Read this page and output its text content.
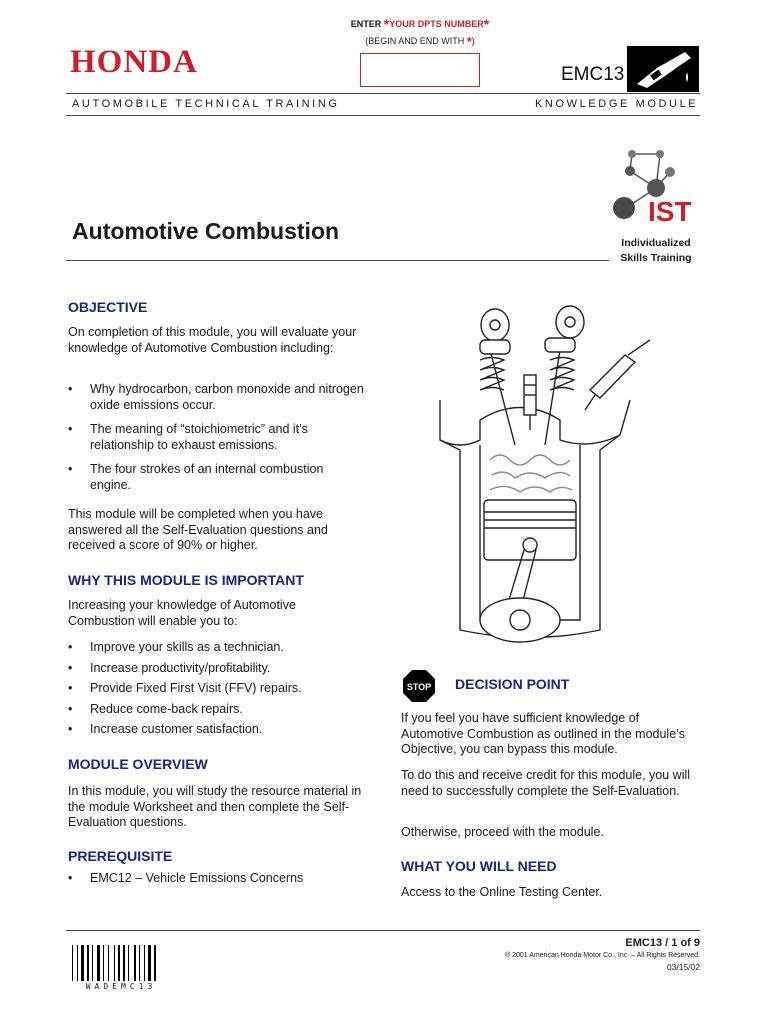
HONDA
ENTER *YOUR DPTS NUMBER*
(BEGIN AND END WITH *)
EMC13
AUTOMOBILE TECHNICAL TRAINING	KNOWLEDGE MODULE
IST
Individualized
Skills Training
Automotive Combustion
OBJECTIVE

On completion of this module, you will evaluate your knowledge of Automotive Combustion including:

• Why hydrocarbon, carbon monoxide and nitrogen oxide emissions occur.
• The meaning of “stoichiometric” and it’s relationship to exhaust emissions.
• The four strokes of an internal combustion engine.

This module will be completed when you have answered all the Self-Evaluation questions and received a score of 90% or higher.

WHY THIS MODULE IS IMPORTANT

Increasing your knowledge of Automotive Combustion will enable you to:

• Improve your skills as a technician.
• Increase productivity/profitability.
• Provide Fixed First Visit (FFV) repairs.
• Reduce come-back repairs.
• Increase customer satisfaction.
MODULE OVERVIEW

In this module, you will study the resource material in the module Worksheet and then complete the Self-Evaluation questions.

PREREQUISITE
• EMC12 – Vehicle Emissions Concerns
STOP DECISION POINT

If you feel you have sufficient knowledge of Automotive Combustion as outlined in the module’s Objective, you can bypass this module.

To do this and receive credit for this module, you will need to successfully complete the Self-Evaluation.

Otherwise, proceed with the module.

WHAT YOU WILL NEED

Access to the Online Testing Center.

WADEMC13
EMC13 / 1 of 9
® 2001 American Honda Motor Co., Inc. – All Rights Reserved.
03/15/02
